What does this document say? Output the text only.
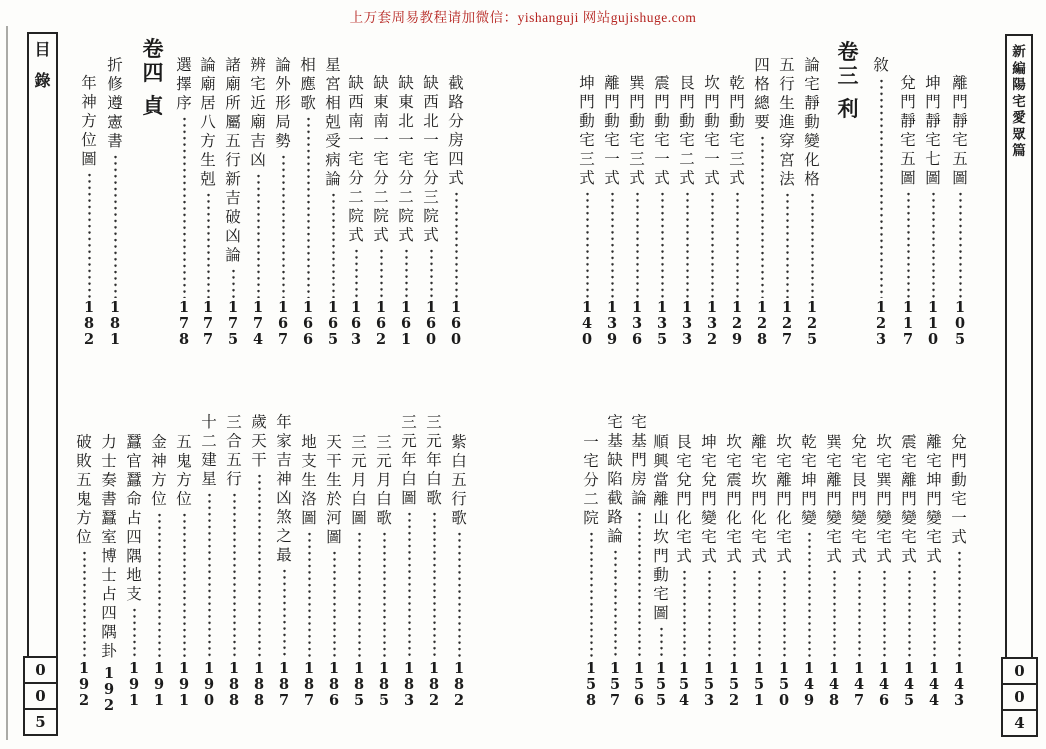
上万套周易教程请加微信：yishanguji 网站gujishuge.com
目
錄
0
0
5
新
編
陽
宅
愛
眾
篇
0
0
4
離
門
靜
宅
五
圖
1
0
5
坤
門
靜
宅
七
圖
1
1
0
兌
門
靜
宅
五
圖
1
1
7
敘
1
2
3
論
宅
靜
動
變
化
格
1
2
5
五
行
生
進
穿
宮
法
1
2
7
四
格
總
要
1
2
8
乾
門
動
宅
三
式
1
2
9
坎
門
動
宅
一
式
1
3
2
艮
門
動
宅
二
式
1
3
3
震
門
動
宅
一
式
1
3
5
巽
門
動
宅
三
式
1
3
6
離
門
動
宅
一
式
1
3
9
坤
門
動
宅
三
式
1
4
0
截
路
分
房
四
式
1
6
0
缺
西
北
一
宅
分
三
院
式
1
6
0
缺
東
北
一
宅
分
二
院
式
1
6
1
缺
東
南
一
宅
分
二
院
式
1
6
2
缺
西
南
一
宅
分
二
院
式
1
6
3
星
宮
相
剋
受
病
論
1
6
5
相
應
歌
1
6
6
論
外
形
局
勢
1
6
7
辨
宅
近
廟
吉
凶
1
7
4
諸
廟
所
屬
五
行
新
吉
破
凶
論
1
7
5
論
廟
居
八
方
生
剋
1
7
7
選
擇
序
1
7
8
折
修
遵
憲
書
1
8
1
年
神
方
位
圖
1
8
2
兌
門
動
宅
一
式
1
4
3
離
宅
坤
門
變
宅
式
1
4
4
震
宅
離
門
變
宅
式
1
4
5
坎
宅
巽
門
變
宅
式
1
4
6
兌
宅
艮
門
變
宅
式
1
4
7
巽
宅
離
門
變
宅
式
1
4
8
乾
宅
坤
門
變
1
4
9
坎
宅
離
門
化
宅
式
1
5
0
離
宅
坎
門
化
宅
式
1
5
1
坎
宅
震
門
化
宅
式
1
5
2
坤
宅
兌
門
變
宅
式
1
5
3
艮
宅
兌
門
化
宅
式
1
5
4
順
興
當
離
山
坎
門
動
宅
圖
1
5
5
宅
基
門
房
論
1
5
6
宅
基
缺
陷
截
路
論
1
5
7
一
宅
分
二
院
1
5
8
紫
白
五
行
歌
1
8
2
三
元
年
白
歌
1
8
2
三
元
年
白
圖
1
8
3
三
元
月
白
歌
1
8
5
三
元
月
白
圖
1
8
5
天
干
生
於
河
圖
1
8
6
地
支
生
洛
圖
1
8
7
年
家
吉
神
凶
煞
之
最
1
8
7
歲
天
干
1
8
8
三
合
五
行
1
8
8
十
二
建
星
1
9
0
五
鬼
方
位
1
9
1
金
神
方
位
1
9
1
蠶
官
蠶
命
占
四
隅
地
支
1
9
1
力
士
奏
書
蠶
室
博
士
占
四
隅
卦
1
9
2
破
敗
五
鬼
方
位
1
9
2
卷
三
利
卷
四
貞
